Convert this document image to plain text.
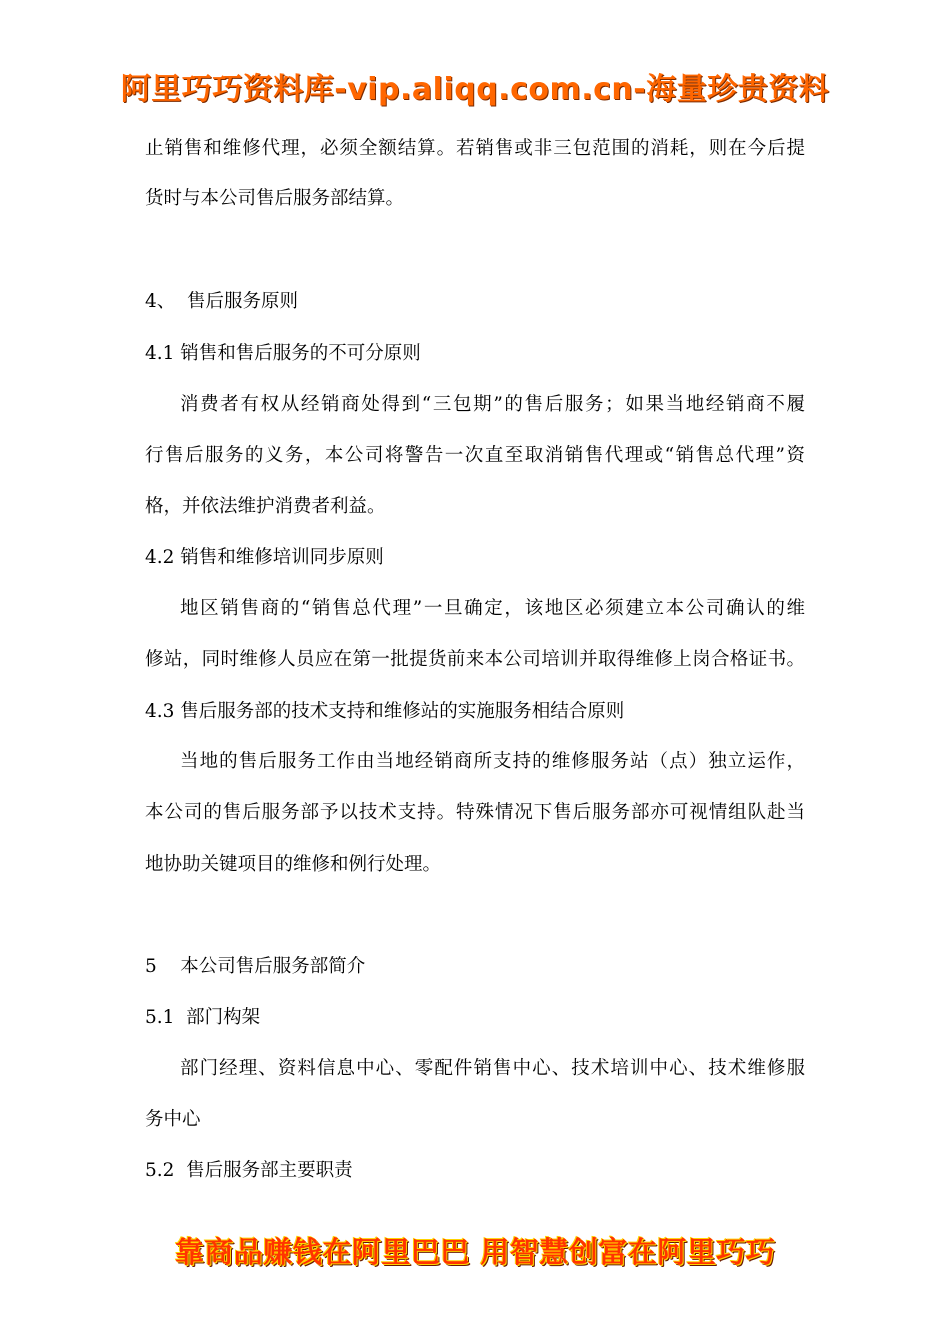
阿里巧巧资料库-vip.aliqq.com.cn-海量珍贵资料
止销售和维修代理，必须全额结算。若销售或非三包范围的消耗，则在今后提
货时与本公司售后服务部结算。
4、  售后服务原则
4.1 销售和售后服务的不可分原则
消费者有权从经销商处得到“三包期”的售后服务；如果当地经销商不履
行售后服务的义务，本公司将警告一次直至取消销售代理或“销售总代理”资
格，并依法维护消费者利益。
4.2 销售和维修培训同步原则
地区销售商的“销售总代理”一旦确定，该地区必须建立本公司确认的维
修站，同时维修人员应在第一批提货前来本公司培训并取得维修上岗合格证书。
4.3 售后服务部的技术支持和维修站的实施服务相结合原则
当地的售后服务工作由当地经销商所支持的维修服务站（点）独立运作，
本公司的售后服务部予以技术支持。特殊情况下售后服务部亦可视情组队赴当
地协助关键项目的维修和例行处理。
5    本公司售后服务部简介
5.1  部门构架
部门经理、资料信息中心、零配件销售中心、技术培训中心、技术维修服
务中心
5.2  售后服务部主要职责
靠商品赚钱在阿里巴巴 用智慧创富在阿里巧巧
